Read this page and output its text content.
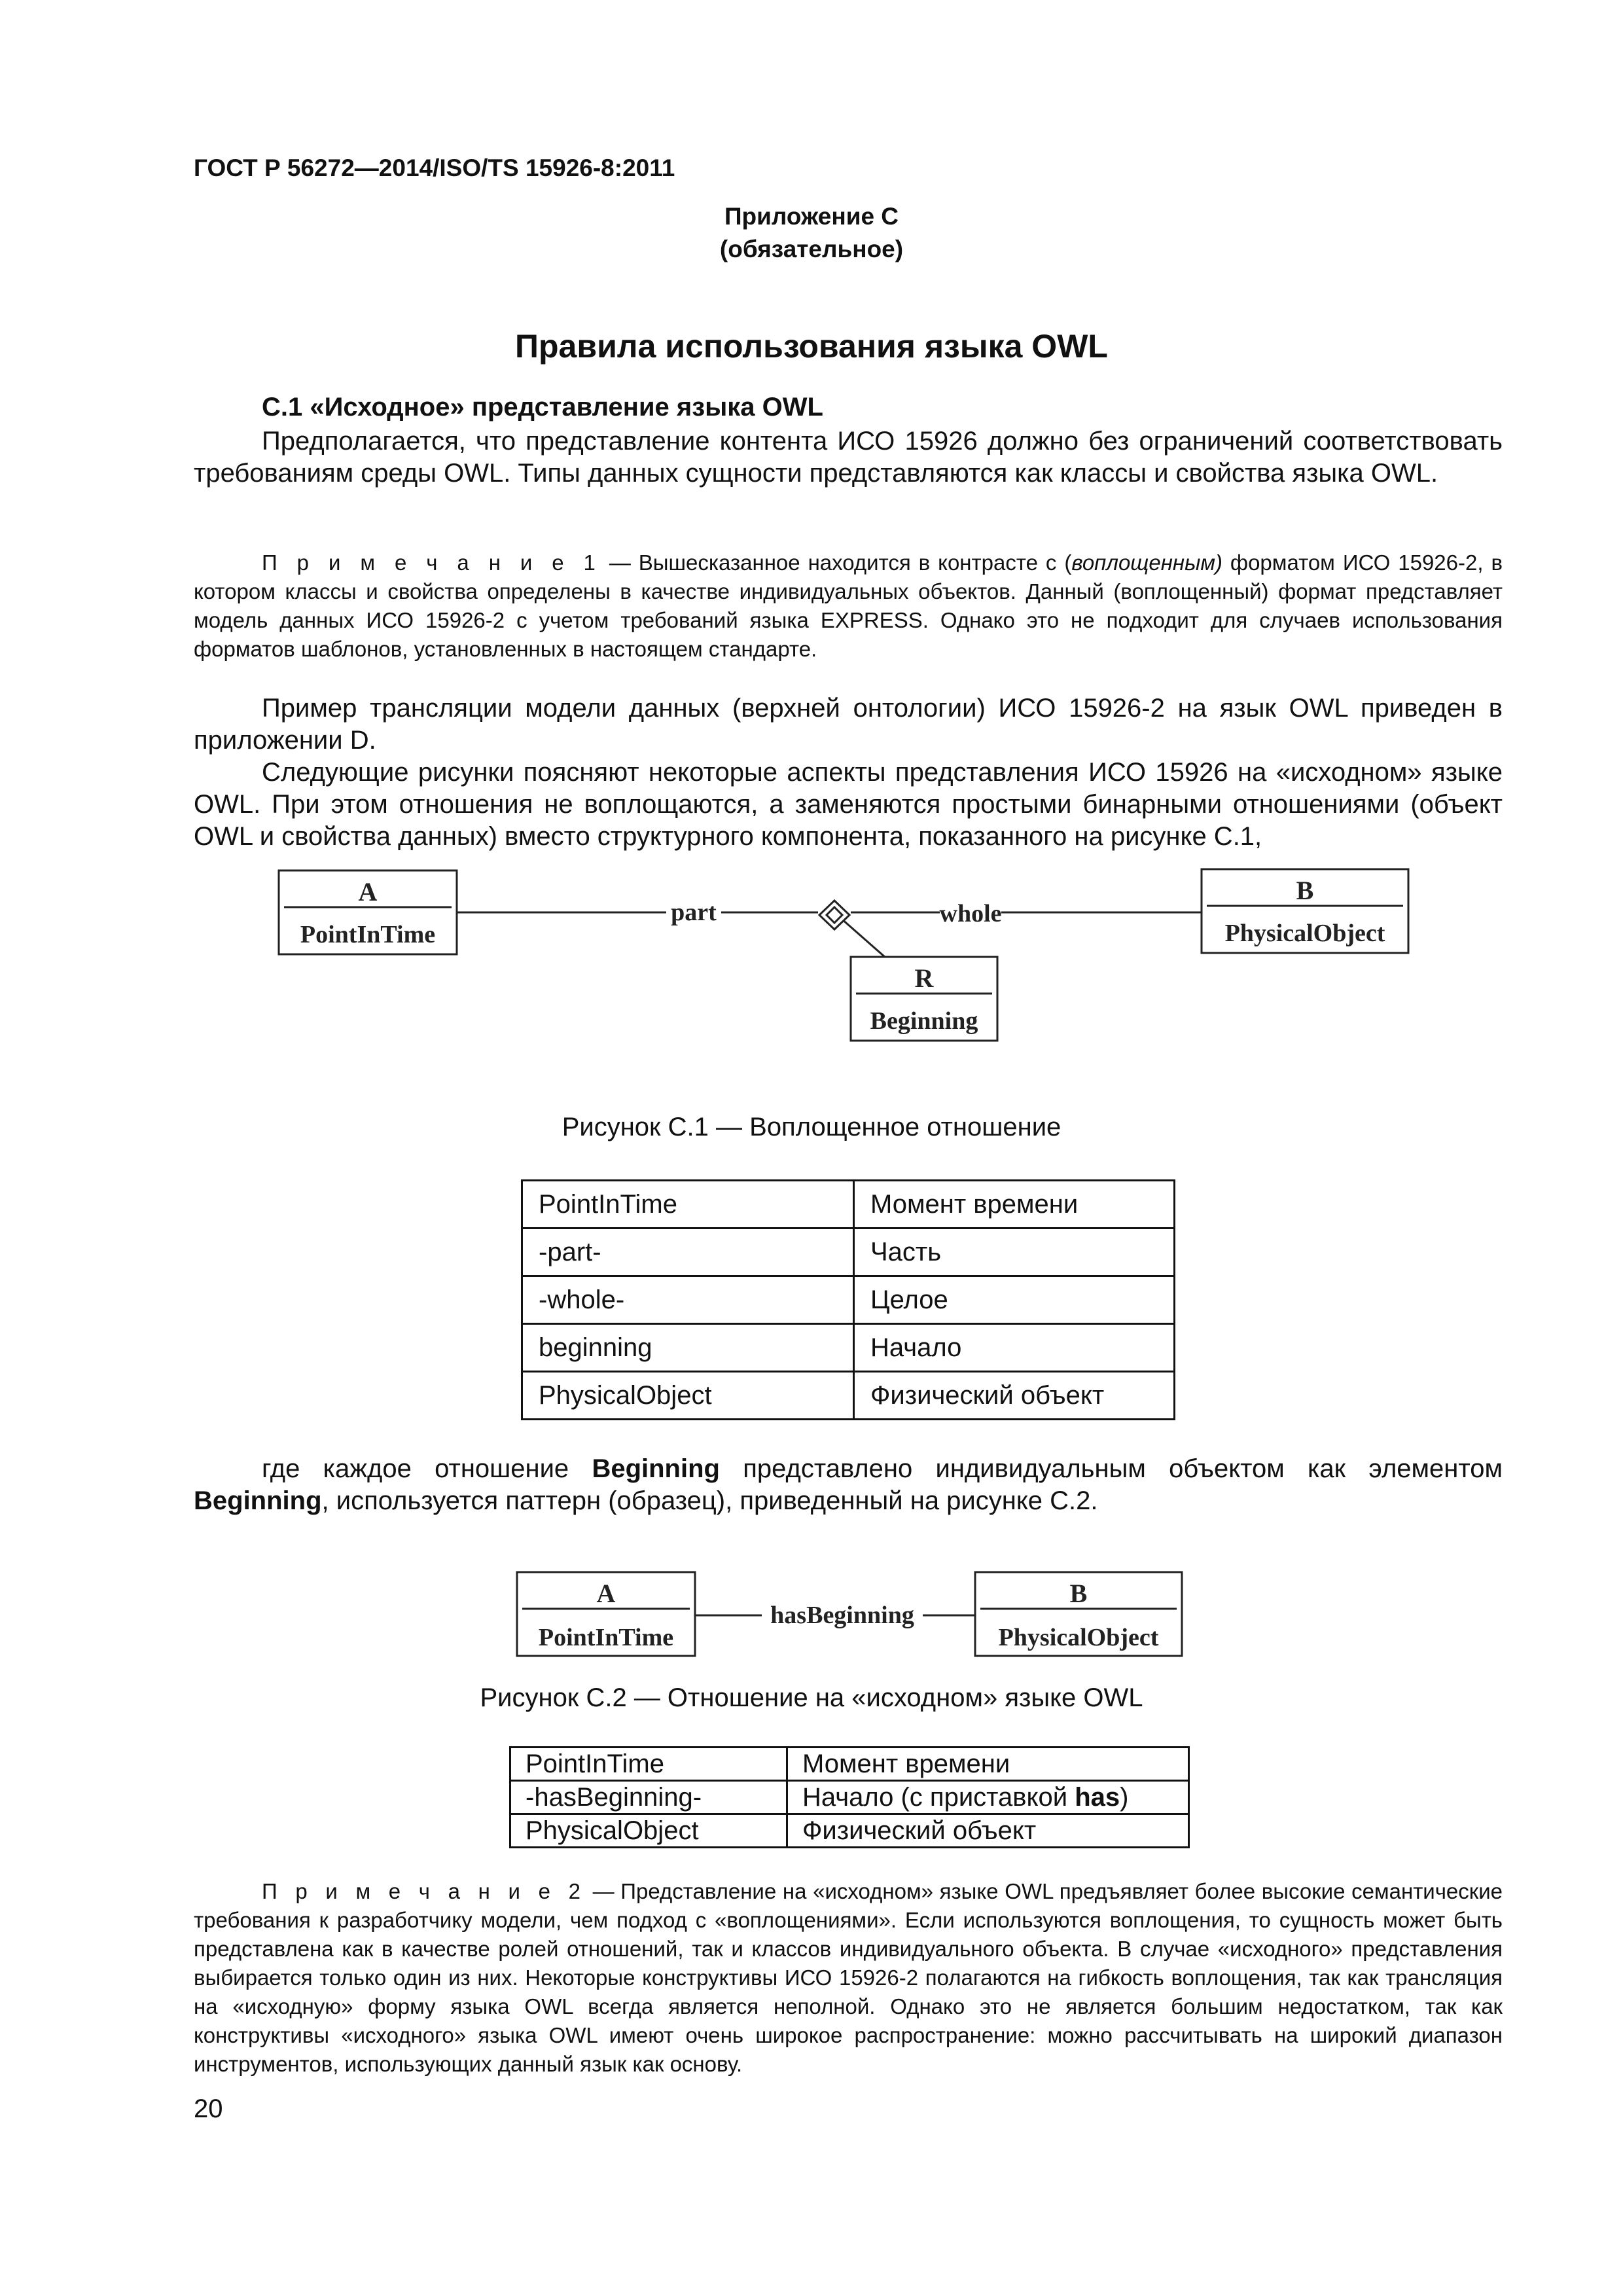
ГОСТ Р 56272—2014/ISO/TS 15926-8:2011
Приложение С
(обязательное)
Правила использования языка OWL
С.1 «Исходное» представление языка OWL
Предполагается, что представление контента ИСО 15926 должно без ограничений соответствовать требованиям среды OWL. Типы данных сущности представляются как классы и свойства языка OWL.
П р и м е ч а н и е 1 — Вышесказанное находится в контрасте с (воплощенным) форматом ИСО 15926-2, в котором классы и свойства определены в качестве индивидуальных объектов. Данный (воплощенный) формат представляет модель данных ИСО 15926-2 с учетом требований языка EXPRESS. Однако это не подходит для случаев использования форматов шаблонов, установленных в настоящем стандарте.
Пример трансляции модели данных (верхней онтологии) ИСО 15926-2 на язык OWL приведен в приложении D.
Следующие рисунки поясняют некоторые аспекты представления ИСО 15926 на «исходном» языке OWL. При этом отношения не воплощаются, а заменяются простыми бинарными отношениями (объект OWL и свойства данных) вместо структурного компонента, показанного на рисунке С.1,
A
PointInTime
B
PhysicalObject
R
Beginning
part	whole
Рисунок С.1 — Воплощенное отношение
PointInTime	Момент времени
-part-	Часть
-whole-	Целое
beginning	Начало
PhysicalObject	Физический объект
где каждое отношение Beginning представлено индивидуальным объектом как элементом Beginning, используется паттерн (образец), приведенный на рисунке С.2.
A
PointInTime
B
PhysicalObject
hasBeginning
Рисунок С.2 — Отношение на «исходном» языке OWL
PointInTime	Момент времени
-hasBeginning-	Начало (с приставкой has)
PhysicalObject	Физический объект
П р и м е ч а н и е 2 — Представление на «исходном» языке OWL предъявляет более высокие семантические требования к разработчику модели, чем подход с «воплощениями». Если используются воплощения, то сущность может быть представлена как в качестве ролей отношений, так и классов индивидуального объекта. В случае «исходного» представления выбирается только один из них. Некоторые конструктивы ИСО 15926-2 полагаются на гибкость воплощения, так как трансляция на «исходную» форму языка OWL всегда является неполной. Однако это не является большим недостатком, так как конструктивы «исходного» языка OWL имеют очень широкое распространение: можно рассчитывать на широкий диапазон инструментов, использующих данный язык как основу.
20
